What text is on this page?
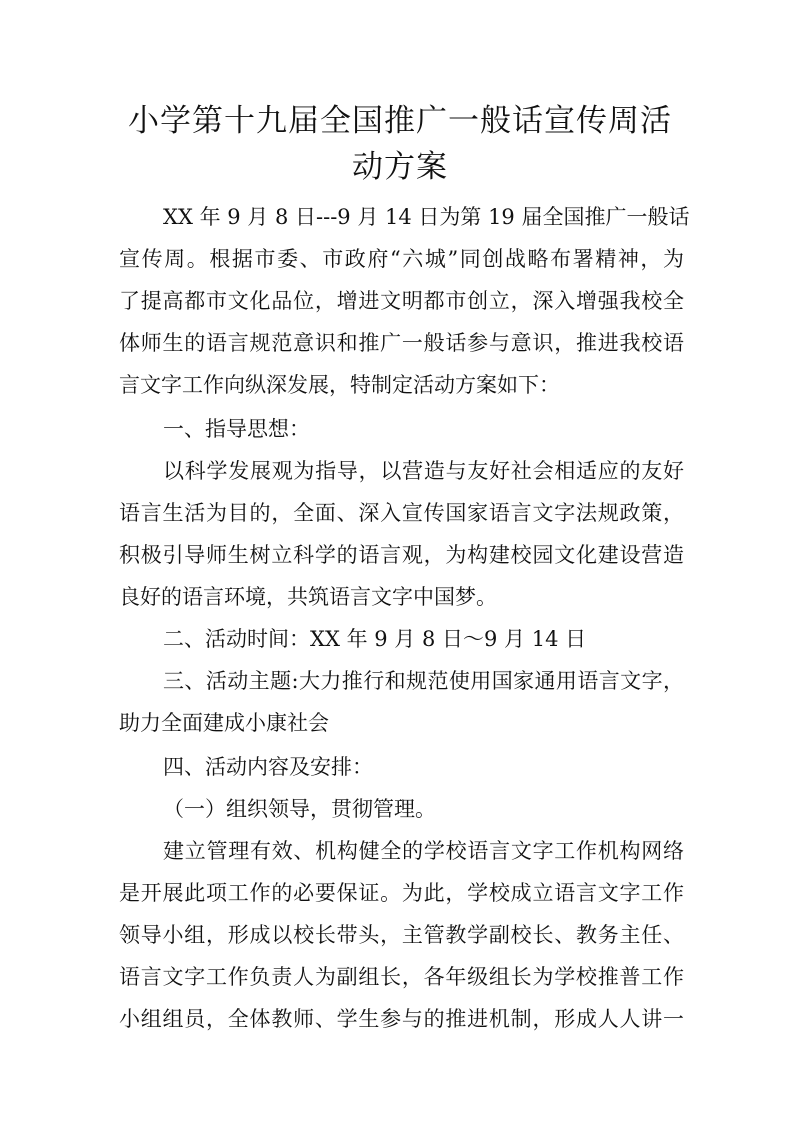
小学第十九届全国推广一般话宣传周活
动方案
XX 年 9 月 8 日---9 月 14 日为第 19 届全国推广一般话
宣传周。根据市委、市政府“六城”同创战略布署精神，为
了提高都市文化品位，增进文明都市创立，深入增强我校全
体师生的语言规范意识和推广一般话参与意识，推进我校语
言文字工作向纵深发展，特制定活动方案如下：
一、指导思想：
以科学发展观为指导，以营造与友好社会相适应的友好
语言生活为目的，全面、深入宣传国家语言文字法规政策，
积极引导师生树立科学的语言观，为构建校园文化建设营造
良好的语言环境，共筑语言文字中国梦。
二、活动时间：XX 年 9 月 8 日～9 月 14 日
三、活动主题:大力推行和规范使用国家通用语言文字，
助力全面建成小康社会
四、活动内容及安排：
（一）组织领导，贯彻管理。
建立管理有效、机构健全的学校语言文字工作机构网络
是开展此项工作的必要保证。为此，学校成立语言文字工作
领导小组，形成以校长带头，主管教学副校长、教务主任、
语言文字工作负责人为副组长，各年级组长为学校推普工作
小组组员，全体教师、学生参与的推进机制，形成人人讲一
